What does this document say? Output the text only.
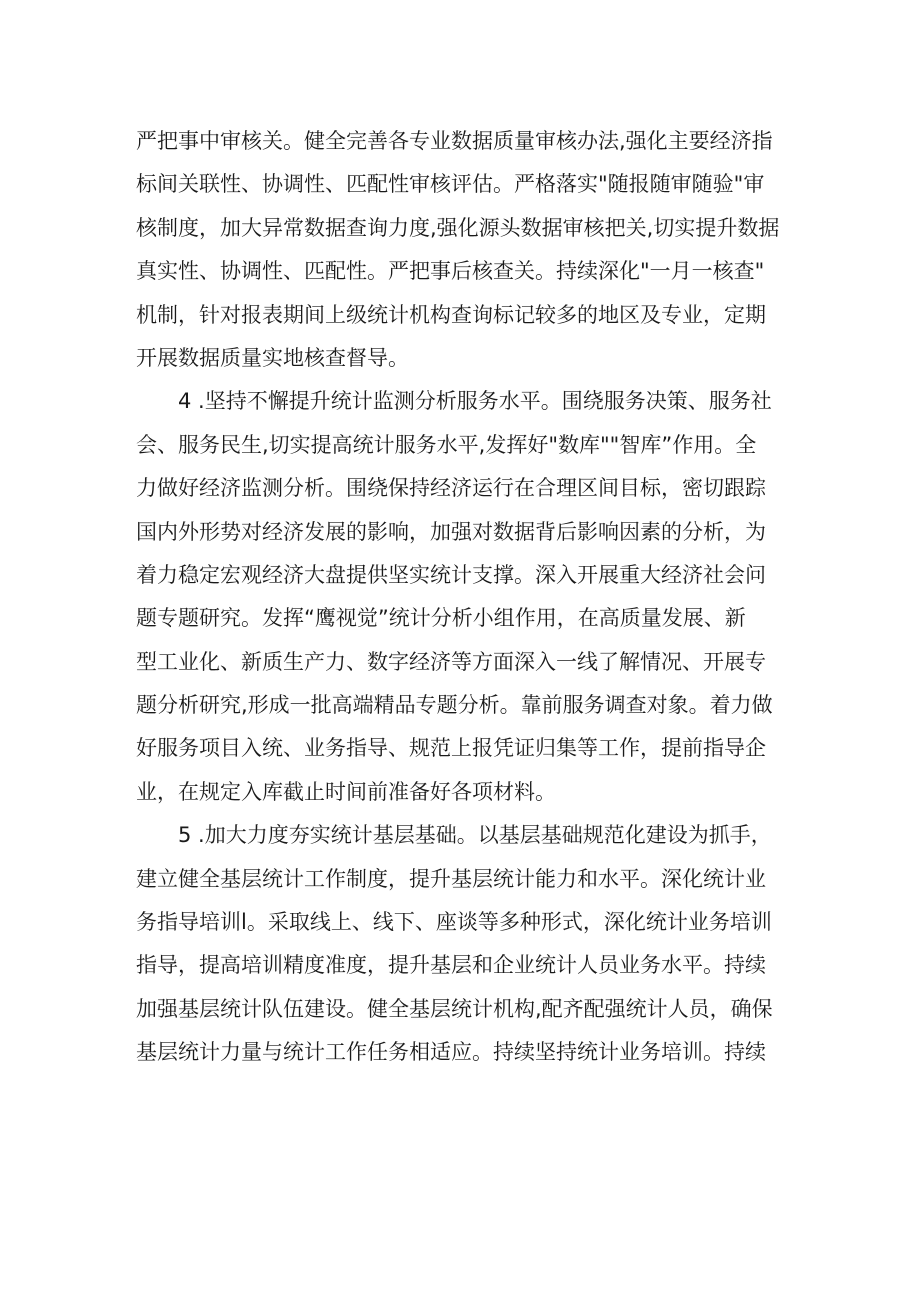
严把事中审核关。健全完善各专业数据质量审核办法,强化主要经济指
标间关联性、协调性、匹配性审核评估。严格落实"随报随审随验"审
核制度，加大异常数据查询力度,强化源头数据审核把关,切实提升数据
真实性、协调性、匹配性。严把事后核查关。持续深化"一月一核查"
机制，针对报表期间上级统计机构查询标记较多的地区及专业，定期
开展数据质量实地核查督导。

4 .坚持不懈提升统计监测分析服务水平。围绕服务决策、服务社
会、服务民生,切实提高统计服务水平,发挥好"数库""智库”作用。全
力做好经济监测分析。围绕保持经济运行在合理区间目标，密切跟踪
国内外形势对经济发展的影响，加强对数据背后影响因素的分析，为
着力稳定宏观经济大盘提供坚实统计支撑。深入开展重大经济社会问
题专题研究。发挥“鹰视觉”统计分析小组作用，在高质量发展、新
型工业化、新质生产力、数字经济等方面深入一线了解情况、开展专
题分析研究,形成一批高端精品专题分析。靠前服务调查对象。着力做
好服务项目入统、业务指导、规范上报凭证归集等工作，提前指导企
业，在规定入库截止时间前准备好各项材料。

5 .加大力度夯实统计基层基础。以基层基础规范化建设为抓手，
建立健全基层统计工作制度，提升基层统计能力和水平。深化统计业
务指导培训l。采取线上、线下、座谈等多种形式，深化统计业务培训
指导，提高培训精度准度，提升基层和企业统计人员业务水平。持续
加强基层统计队伍建设。健全基层统计机构,配齐配强统计人员，确保
基层统计力量与统计工作任务相适应。持续坚持统计业务培训。持续
